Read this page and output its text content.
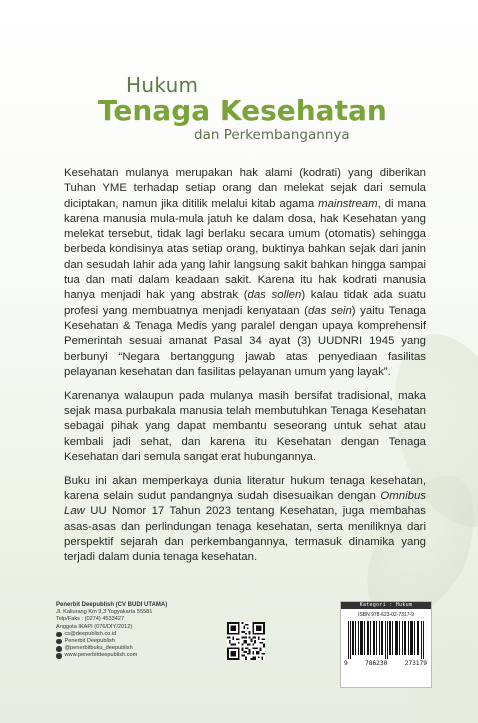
Hukum
Tenaga Kesehatan
dan Perkembangannya

Kesehatan mulanya merupakan hak alami (kodrati) yang diberikan Tuhan YME terhadap setiap orang dan melekat sejak dari semula diciptakan, namun jika ditilik melalui kitab agama mainstream, di mana karena manusia mula-mula jatuh ke dalam dosa, hak Kesehatan yang melekat tersebut, tidak lagi berlaku secara umum (otomatis) sehingga berbeda kondisinya atas setiap orang, buktinya bahkan sejak dari janin dan sesudah lahir ada yang lahir langsung sakit bahkan hingga sampai tua dan mati dalam keadaan sakit. Karena itu hak kodrati manusia hanya menjadi hak yang abstrak (das sollen) kalau tidak ada suatu profesi yang membuatnya menjadi kenyataan (das sein) yaitu Tenaga Kesehatan & Tenaga Medis yang paralel dengan upaya komprehensif Pemerintah sesuai amanat Pasal 34 ayat (3) UUDNRI 1945 yang berbunyi “Negara bertanggung jawab atas penyediaan fasilitas pelayanan kesehatan dan fasilitas pelayanan umum yang layak”.

Karenanya walaupun pada mulanya masih bersifat tradisional, maka sejak masa purbakala manusia telah membutuhkan Tenaga Kesehatan sebagai pihak yang dapat membantu seseorang untuk sehat atau kembali jadi sehat, dan karena itu Kesehatan dengan Tenaga Kesehatan dari semula sangat erat hubungannya.

Buku ini akan memperkaya dunia literatur hukum tenaga kesehatan, karena selain sudut pandangnya sudah disesuaikan dengan Omnibus Law UU Nomor 17 Tahun 2023 tentang Kesehatan, juga membahas asas-asas dan perlindungan tenaga kesehatan, serta meniliknya dari perspektif sejarah dan perkembangannya, termasuk dinamika yang terjadi dalam dunia tenaga kesehatan.

Penerbit Deepublish (CV BUDI UTAMA)
Jl. Kaliurang Km 9,3 Yogyakarta 55581
Telp/Faks : (0274) 4533427
Anggota IKAPI (076/DIY/2012)
cs@deepublish.co.id
Penerbit Deepublish
@penerbitbuku_deepublish
www.penerbitdeepublish.com
Kategori : Hukum
ISBN 978-623-02-7317-9
9	786230	273179
